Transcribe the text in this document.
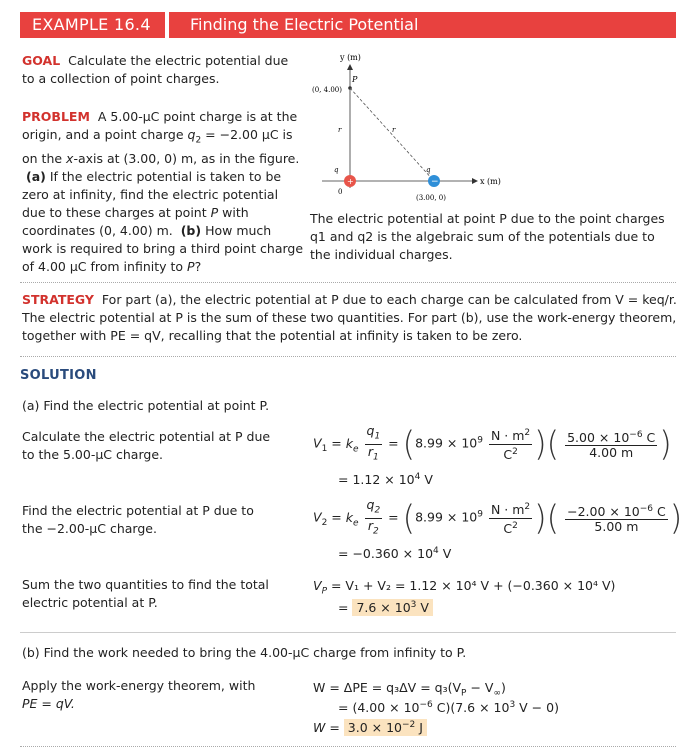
EXAMPLE 16.4	Finding the Electric Potential
GOAL Calculate the electric potential due to a collection of point charges.
PROBLEM A 5.00-μC point charge is at the origin, and a point charge $q_2 = -2.00$ μC is on the x-axis at (3.00, 0) m, as in the figure.  (a) If the electric potential is taken to be zero at infinity, find the electric potential due to these charges at point P with coordinates (0, 4.00) m. (b) How much work is required to bring a third point charge of 4.00 μC from infinity to P?
y (m)
x (m)
P
(0, 4.00)
r	r
q	q
+	−
0
(3.00, 0)
The electric potential at point P due to the point charges q1 and q2 is the algebraic sum of the potentials due to the individual charges.
STRATEGY For part (a), the electric potential at P due to each charge can be calculated from V = keq/r. The electric potential at P is the sum of these two quantities. For part (b), use the work-energy theorem, together with PE = qV, recalling that the potential at infinity is taken to be zero.
SOLUTION
(a) Find the electric potential at point P.
Calculate the electric potential at P due to the 5.00-μC charge.
$V_1 = k_e \frac{q_1}{r_1} = (8.99 \times 10^9 \frac{N \cdot m^2}{C^2}$ )( $\frac{5.00 \times 10^{-6} C}{4.00 m}$ )
= $1.12 \times 10^4$ V
Find the electric potential at P due to the −2.00-μC charge.
$V_2 = k_e \frac{q_2}{r_2} = (8.99 \times 10^9 \frac{N \cdot m^2}{C^2}$ )( $\frac{-2.00 \times 10^{-6} C}{5.00 m}$ )
= $-0.360 \times 10^4$ V
Sum the two quantities to find the total electric potential at P.
$V_P = V_1 + V_2 = 1.12 \times 10^4$ V + (−0.360 × 10⁴ V)
= $7.6 \times 10^3$ V
(b) Find the work needed to bring the 4.00-μC charge from infinity to P.
Apply the work-energy theorem, with
PE = qV.
$W = \Delta PE = q_3\Delta V = q_3(V_P - V_\infty)$
= ($4.00 \times 10^{-6}$ $C)(7.6 \times 10^3$ V − 0)
$W = 3.0 \times 10^{-2}$ J
